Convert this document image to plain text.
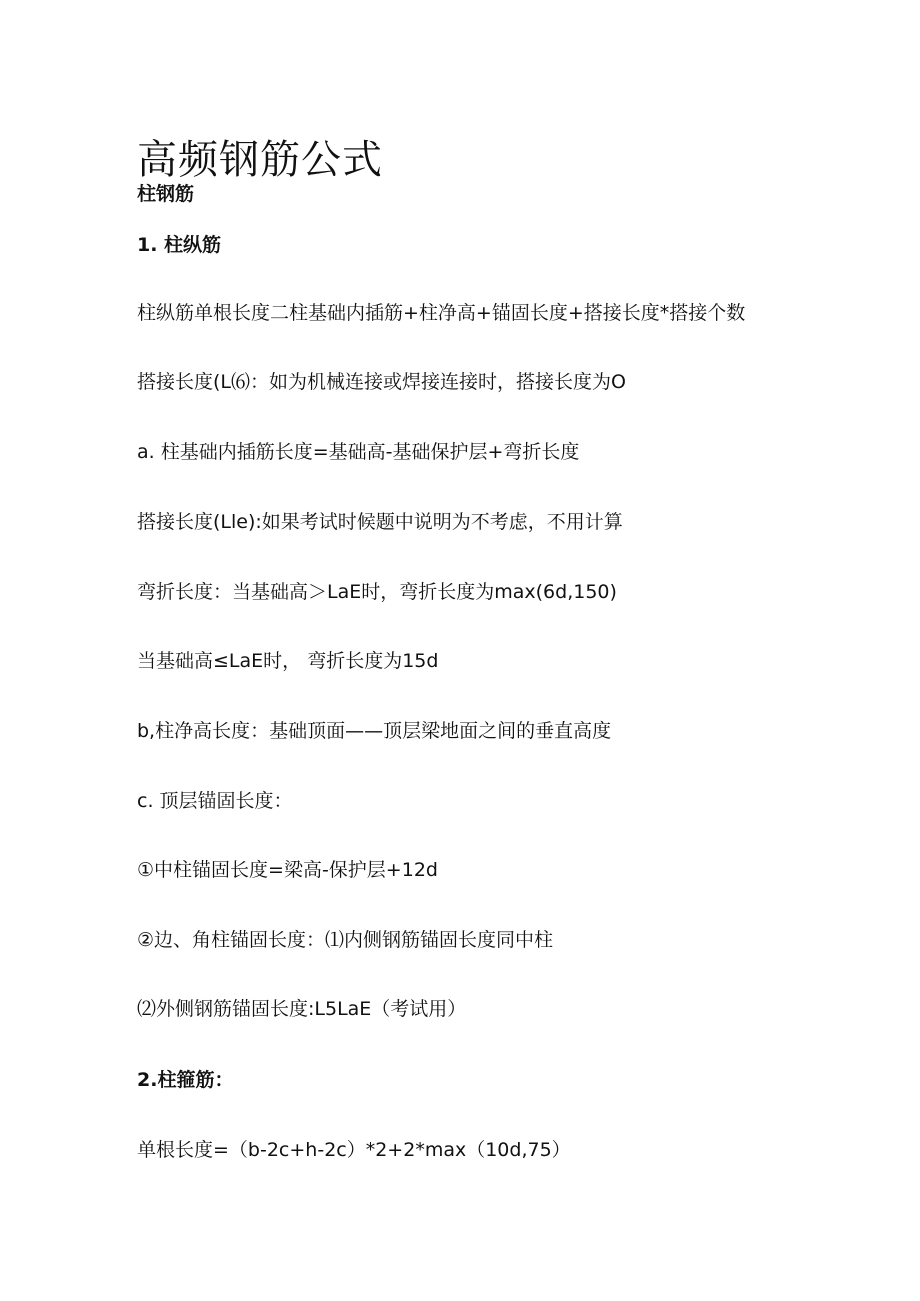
高频钢筋公式
柱钢筋
1. 柱纵筋
柱纵筋单根长度二柱基础内插筋+柱净高+锚固长度+搭接长度*搭接个数
搭接长度(L⑹：如为机械连接或焊接连接时，搭接长度为O
a. 柱基础内插筋长度=基础高-基础保护层+弯折长度
搭接长度(Lle):如果考试时候题中说明为不考虑，不用计算
弯折长度：当基础高＞LaE时，弯折长度为max(6d,150)
当基础高≤LaE时， 弯折长度为15d
b,柱净高长度：基础顶面——顶层梁地面之间的垂直高度
c. 顶层锚固长度：
①中柱锚固长度=梁高-保护层+12d
②边、角柱锚固长度：⑴内侧钢筋锚固长度同中柱
⑵外侧钢筋锚固长度:L5LaE（考试用）
2.柱箍筋：
单根长度=（b-2c+h-2c）*2+2*max（10d,75）
